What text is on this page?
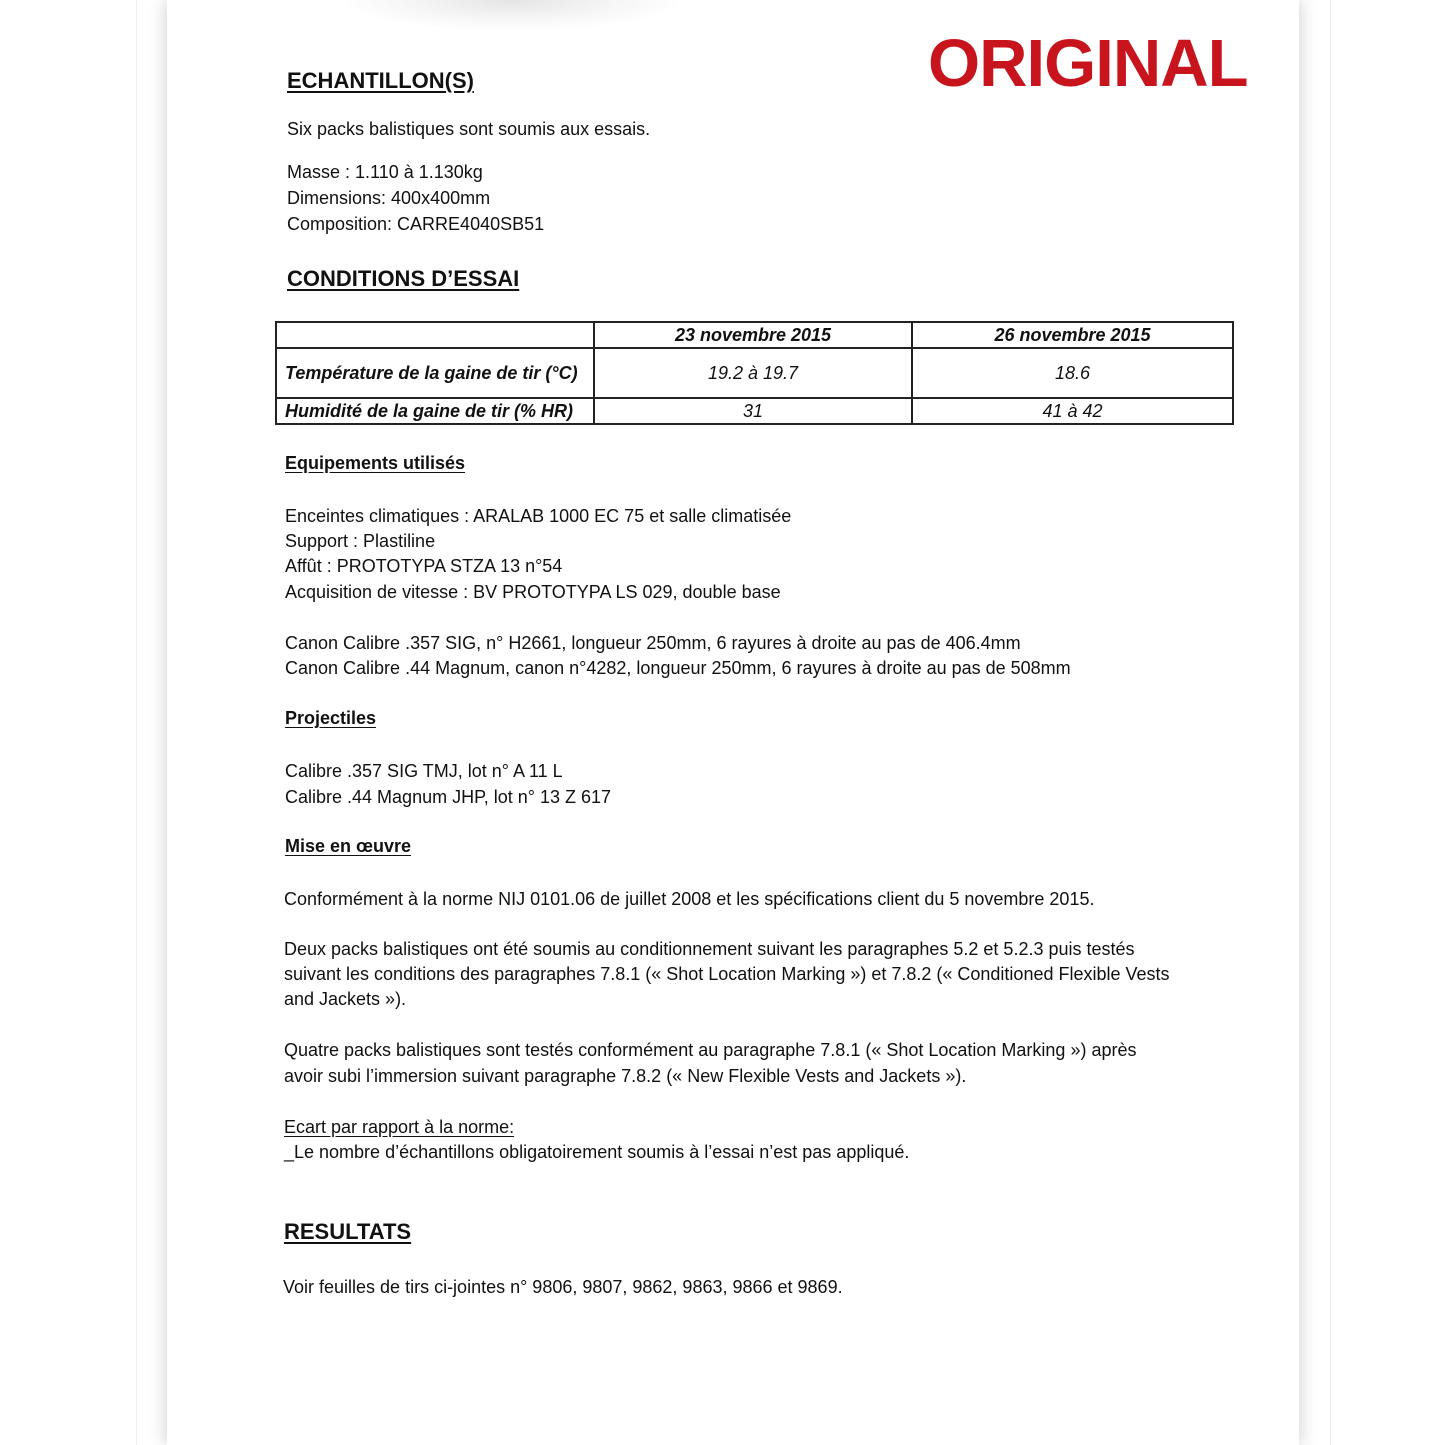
ORIGINAL
ECHANTILLON(S)
Six packs balistiques sont soumis aux essais.
Masse : 1.110 à 1.130kg
Dimensions: 400x400mm
Composition: CARRE4040SB51
CONDITIONS D’ESSAI
	23 novembre 2015	26 novembre 2015
Température de la gaine de tir (°C)	19.2 à 19.7	18.6
Humidité de la gaine de tir (% HR)	31	41 à 42
Equipements utilisés
Enceintes climatiques : ARALAB 1000 EC 75 et salle climatisée
Support : Plastiline
Affût : PROTOTYPA STZA 13 n°54
Acquisition de vitesse : BV PROTOTYPA LS 029, double base
Canon Calibre .357 SIG, n° H2661, longueur 250mm, 6 rayures à droite au pas de 406.4mm
Canon Calibre .44 Magnum, canon n°4282, longueur 250mm, 6 rayures à droite au pas de 508mm
Projectiles
Calibre .357 SIG TMJ, lot n° A 11 L
Calibre .44 Magnum JHP, lot n° 13 Z 617
Mise en œuvre
Conformément à la norme NIJ 0101.06 de juillet 2008 et les spécifications client du 5 novembre 2015.
Deux packs balistiques ont été soumis au conditionnement suivant les paragraphes 5.2 et 5.2.3 puis testés
suivant les conditions des paragraphes 7.8.1 (« Shot Location Marking ») et 7.8.2 (« Conditioned Flexible Vests
and Jackets »).
Quatre packs balistiques sont testés conformément au paragraphe 7.8.1 (« Shot Location Marking ») après
avoir subi l’immersion suivant paragraphe 7.8.2 (« New Flexible Vests and Jackets »).
Ecart par rapport à la norme:
_Le nombre d’échantillons obligatoirement soumis à l’essai n’est pas appliqué.
RESULTATS
Voir feuilles de tirs ci-jointes n° 9806, 9807, 9862, 9863, 9866 et 9869.
